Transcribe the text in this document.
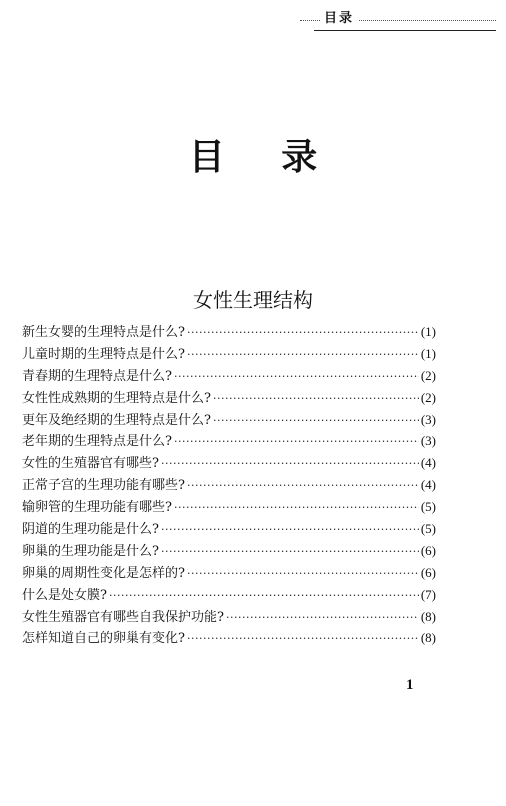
目录
目 录
女性生理结构
新生女婴的生理特点是什么? ·····	(1)
儿童时期的生理特点是什么? ·····	(1)
青春期的生理特点是什么? ·····	(2)
女性性成熟期的生理特点是什么? ·····	(2)
更年及绝经期的生理特点是什么? ·····	(3)
老年期的生理特点是什么? ·····	(3)
女性的生殖器官有哪些? ·····	(4)
正常子宫的生理功能有哪些? ·····	(4)
输卵管的生理功能有哪些? ·····	(5)
阴道的生理功能是什么? ·····	(5)
卵巢的生理功能是什么? ·····	(6)
卵巢的周期性变化是怎样的? ·····	(6)
什么是处女膜? ·····	(7)
女性生殖器官有哪些自我保护功能? ·····	(8)
怎样知道自己的卵巢有变化? ·····	(8)
1
